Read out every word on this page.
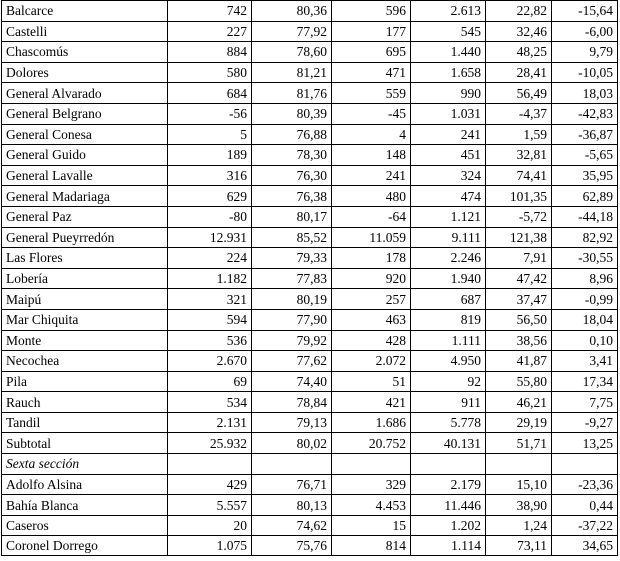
Balcarce	742	80,36	596	2.613	22,82	-15,64
Castelli	227	77,92	177	545	32,46	-6,00
Chascomús	884	78,60	695	1.440	48,25	9,79
Dolores	580	81,21	471	1.658	28,41	-10,05
General Alvarado	684	81,76	559	990	56,49	18,03
General Belgrano	-56	80,39	-45	1.031	-4,37	-42,83
General Conesa	5	76,88	4	241	1,59	-36,87
General Guido	189	78,30	148	451	32,81	-5,65
General Lavalle	316	76,30	241	324	74,41	35,95
General Madariaga	629	76,38	480	474	101,35	62,89
General Paz	-80	80,17	-64	1.121	-5,72	-44,18
General Pueyrredón	12.931	85,52	11.059	9.111	121,38	82,92
Las Flores	224	79,33	178	2.246	7,91	-30,55
Lobería	1.182	77,83	920	1.940	47,42	8,96
Maipú	321	80,19	257	687	37,47	-0,99
Mar Chiquita	594	77,90	463	819	56,50	18,04
Monte	536	79,92	428	1.111	38,56	0,10
Necochea	2.670	77,62	2.072	4.950	41,87	3,41
Pila	69	74,40	51	92	55,80	17,34
Rauch	534	78,84	421	911	46,21	7,75
Tandil	2.131	79,13	1.686	5.778	29,19	-9,27
Subtotal	25.932	80,02	20.752	40.131	51,71	13,25
Sexta sección						
Adolfo Alsina	429	76,71	329	2.179	15,10	-23,36
Bahía Blanca	5.557	80,13	4.453	11.446	38,90	0,44
Caseros	20	74,62	15	1.202	1,24	-37,22
Coronel Dorrego	1.075	75,76	814	1.114	73,11	34,65
